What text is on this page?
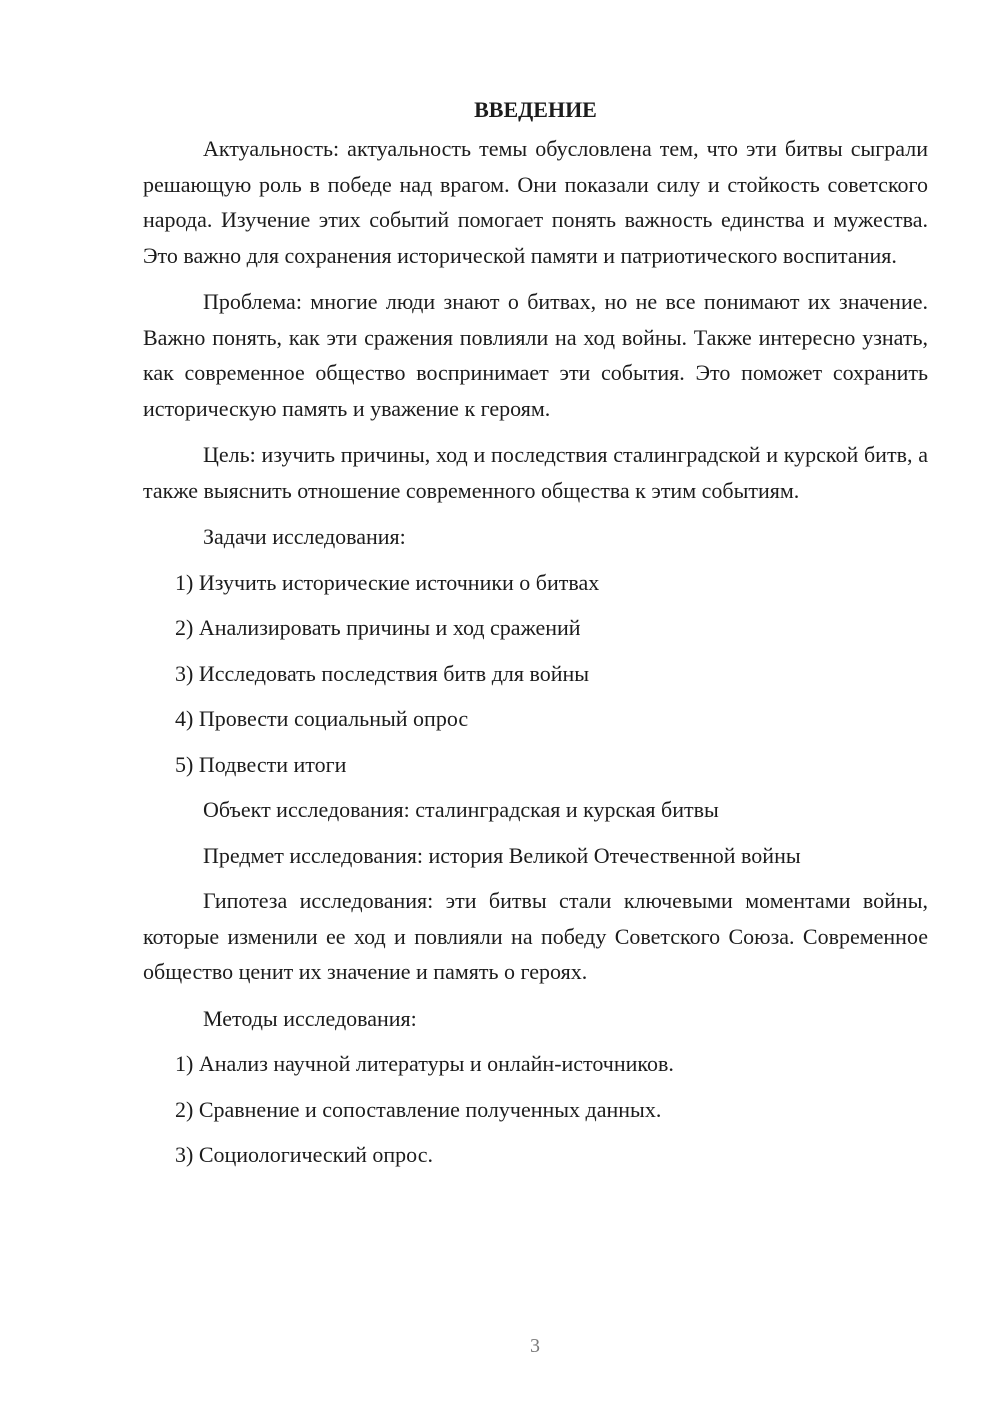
ВВЕДЕНИЕ

Актуальность: актуальность темы обусловлена тем, что эти битвы сыграли решающую роль в победе над врагом. Они показали силу и стойкость советского народа. Изучение этих событий помогает понять важность единства и мужества. Это важно для сохранения исторической памяти и патриотического воспитания.

Проблема: многие люди знают о битвах, но не все понимают их значение. Важно понять, как эти сражения повлияли на ход войны. Также интересно узнать, как современное общество воспринимает эти события. Это поможет сохранить историческую память и уважение к героям.

Цель: изучить причины, ход и последствия сталинградской и курской битв, а также выяснить отношение современного общества к этим событиям.

Задачи исследования:

1) Изучить исторические источники о битвах
2) Анализировать причины и ход сражений
3) Исследовать последствия битв для войны
4) Провести социальный опрос
5) Подвести итоги

Объект исследования: сталинградская и курская битвы

Предмет исследования: история Великой Отечественной войны

Гипотеза исследования: эти битвы стали ключевыми моментами войны, которые изменили ее ход и повлияли на победу Советского Союза. Современное общество ценит их значение и память о героях.

Методы исследования:

1) Анализ научной литературы и онлайн-источников.
2) Сравнение и сопоставление полученных данных.
3) Социологический опрос.
3
